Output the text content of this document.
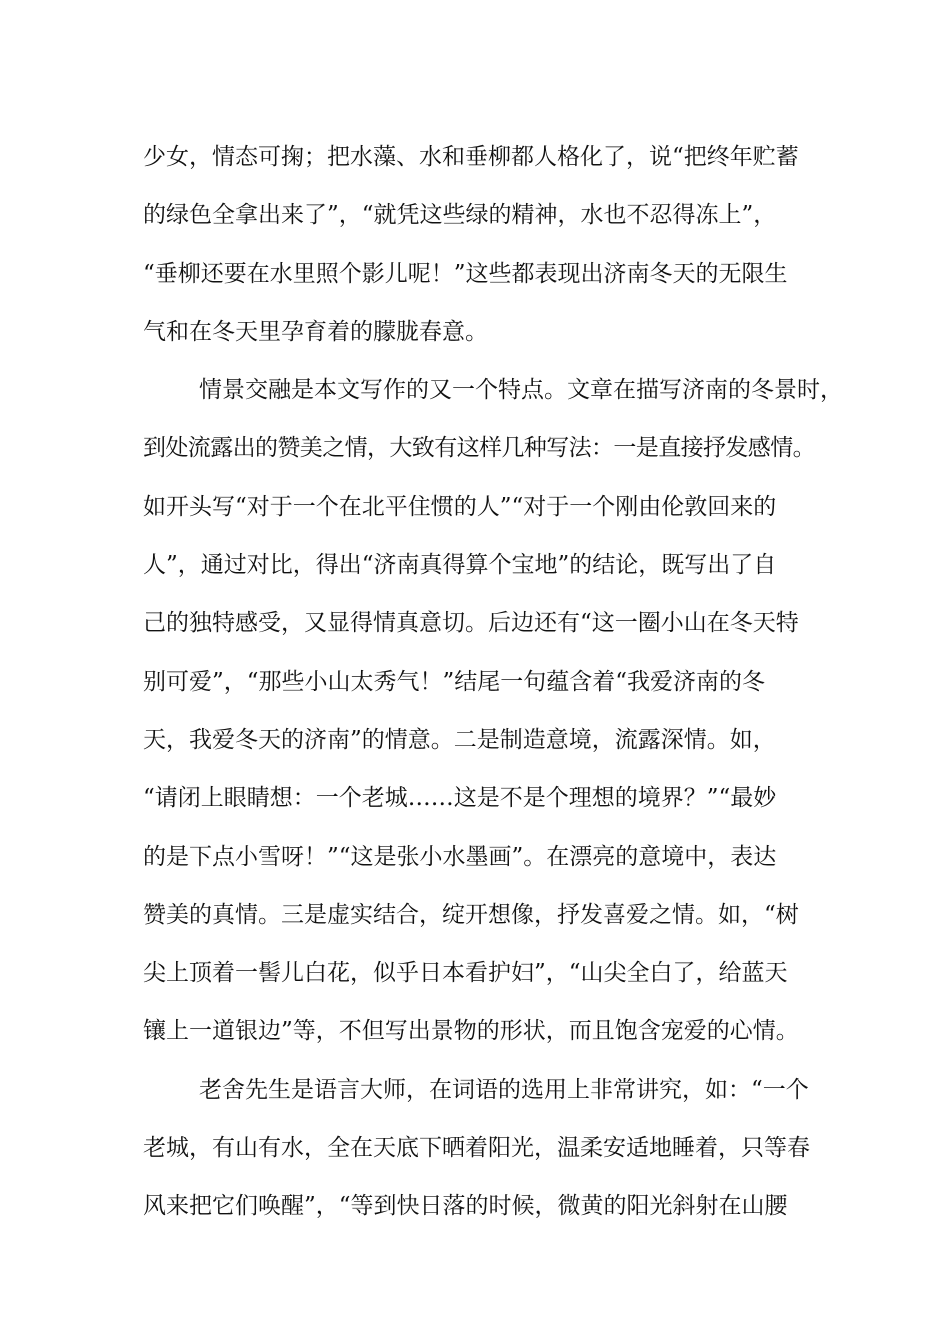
少女，情态可掬；把水藻、水和垂柳都人格化了，说“把终年贮蓄
的绿色全拿出来了”，“就凭这些绿的精神，水也不忍得冻上”，
“垂柳还要在水里照个影儿呢！”这些都表现出济南冬天的无限生
气和在冬天里孕育着的朦胧春意。
情景交融是本文写作的又一个特点。文章在描写济南的冬景时，
到处流露出的赞美之情，大致有这样几种写法：一是直接抒发感情。
如开头写“对于一个在北平住惯的人”“对于一个刚由伦敦回来的
人”，通过对比，得出“济南真得算个宝地”的结论，既写出了自
己的独特感受，又显得情真意切。后边还有“这一圈小山在冬天特
别可爱”，“那些小山太秀气！”结尾一句蕴含着“我爱济南的冬
天，我爱冬天的济南”的情意。二是制造意境，流露深情。如，
“请闭上眼睛想：一个老城……这是不是个理想的境界？”“最妙
的是下点小雪呀！”“这是张小水墨画”。在漂亮的意境中，表达
赞美的真情。三是虚实结合，绽开想像，抒发喜爱之情。如，“树
尖上顶着一髻儿白花，似乎日本看护妇”，“山尖全白了，给蓝天
镶上一道银边”等，不但写出景物的形状，而且饱含宠爱的心情。
老舍先生是语言大师，在词语的选用上非常讲究，如：“一个
老城，有山有水，全在天底下晒着阳光，温柔安适地睡着，只等春
风来把它们唤醒”，“等到快日落的时候，微黄的阳光斜射在山腰
